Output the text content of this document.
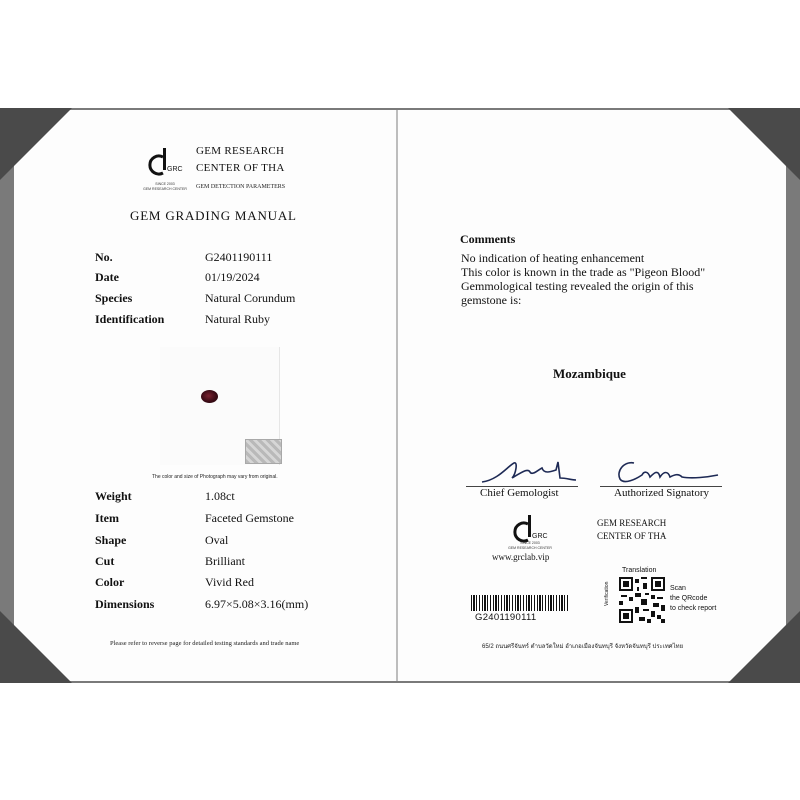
GRC
SINCE 2003
GEM RESEARCH CENTER
GEM RESEARCH
CENTER OF THA
GEM DETECTION PARAMETERS
GEM GRADING MANUAL
No.	G2401190111
Date	01/19/2024
Species	Natural Corundum
Identification	Natural Ruby
The color and size of Photograph may vary from original.
Weight	1.08ct
Item	Faceted Gemstone
Shape	Oval
Cut	Brilliant
Color	Vivid Red
Dimensions	6.97×5.08×3.16(mm)
Please refer to reverse page for detailed testing standards and trade name
Comments
No indication of heating enhancement
This color is known in the trade as "Pigeon Blood"
Gemmological testing revealed the origin of this
gemstone is:
Mozambique
Chief Gemologist	Authorized Signatory
GRC
SINCE 2003
GEM RESEARCH CENTER
www.grclab.vip
GEM RESEARCH
CENTER OF THA
G2401190111
Translation
Verification	Scan
the QRcode
to check report
65/2 ถนนศรีจันทร์ ตำบลวัดใหม่ อำเภอเมืองจันทบุรี จังหวัดจันทบุรี ประเทศไทย
